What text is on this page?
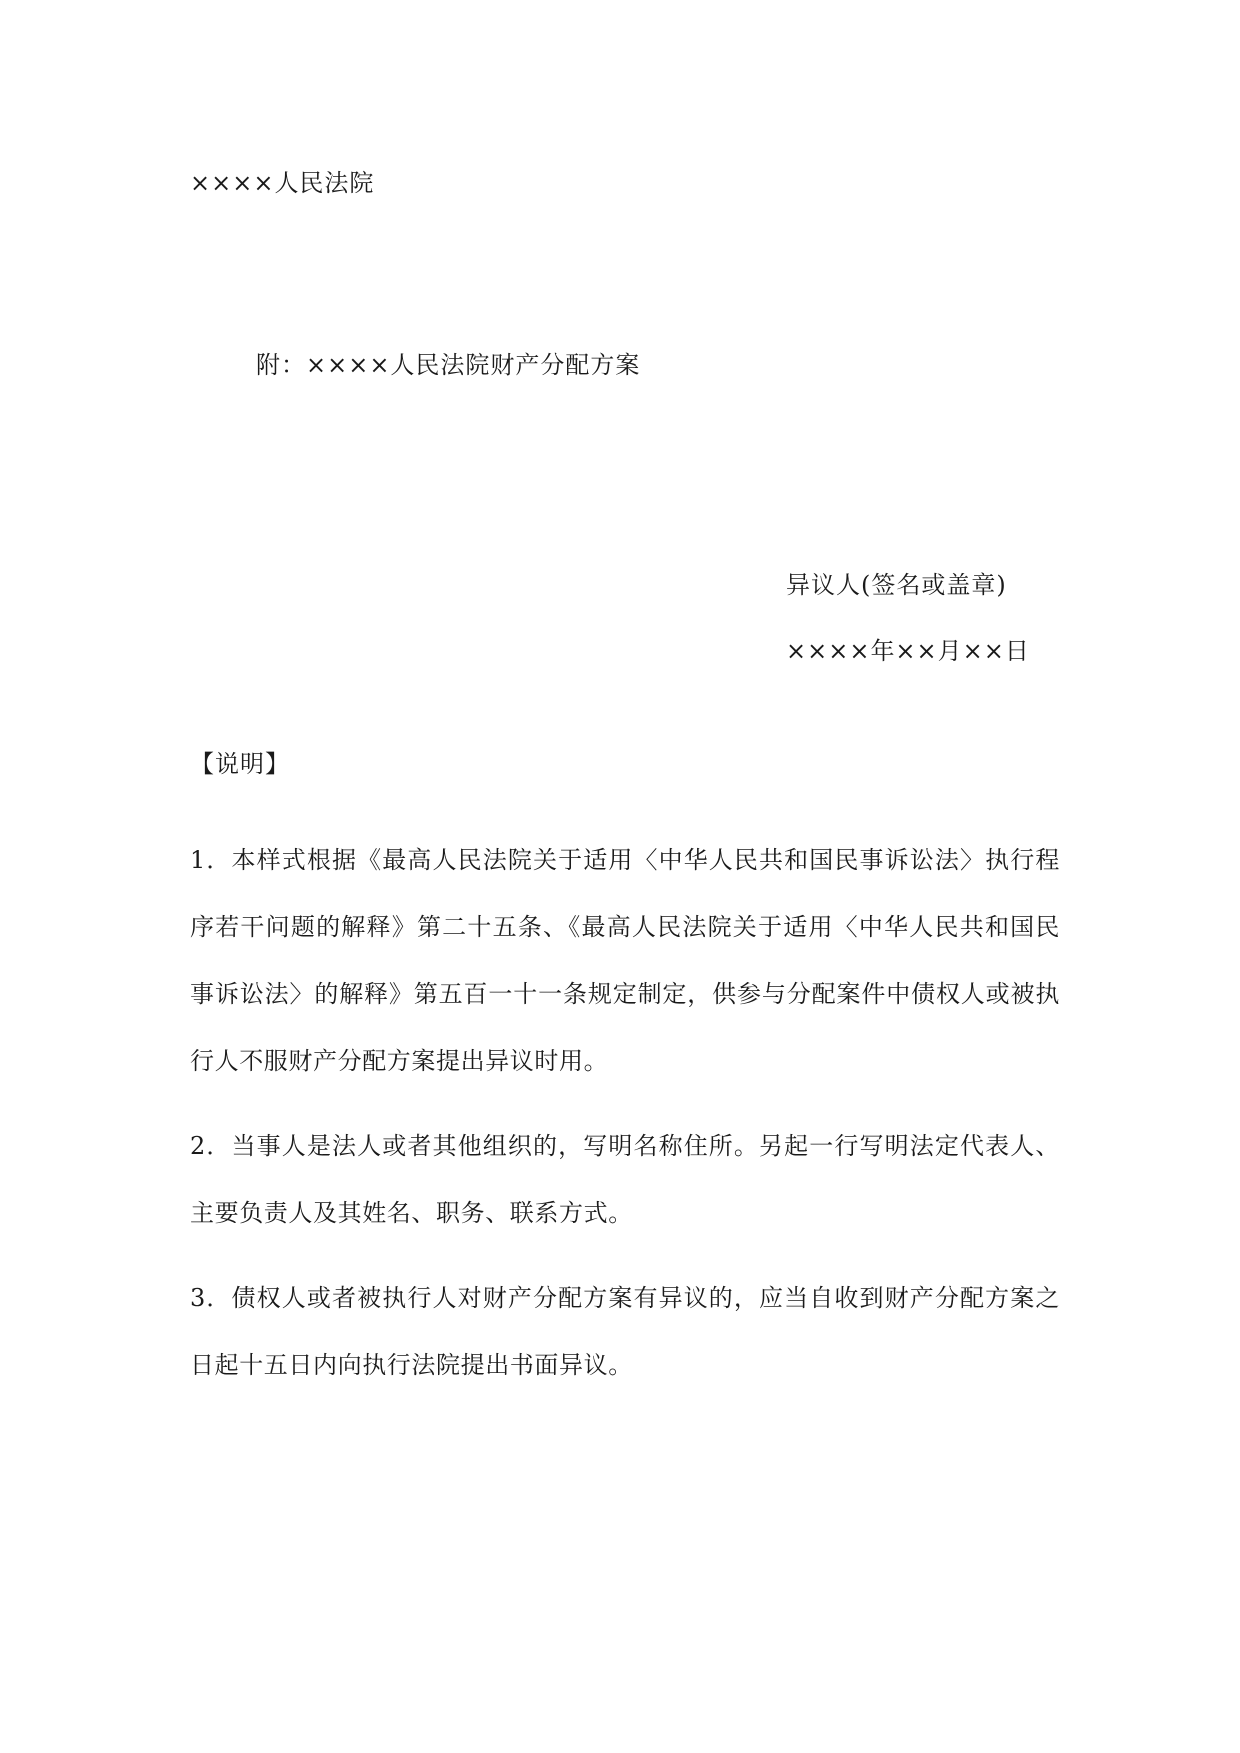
××××人民法院

附：××××人民法院财产分配方案

异议人(签名或盖章)

××××年××月××日

【说明】

1．本样式根据《最高人民法院关于适用〈中华人民共和国民事诉讼法〉执行程序若干问题的解释》第二十五条、《最高人民法院关于适用〈中华人民共和国民事诉讼法〉的解释》第五百一十一条规定制定，供参与分配案件中债权人或被执行人不服财产分配方案提出异议时用。

2．当事人是法人或者其他组织的，写明名称住所。另起一行写明法定代表人、主要负责人及其姓名、职务、联系方式。

3．债权人或者被执行人对财产分配方案有异议的，应当自收到财产分配方案之日起十五日内向执行法院提出书面异议。
